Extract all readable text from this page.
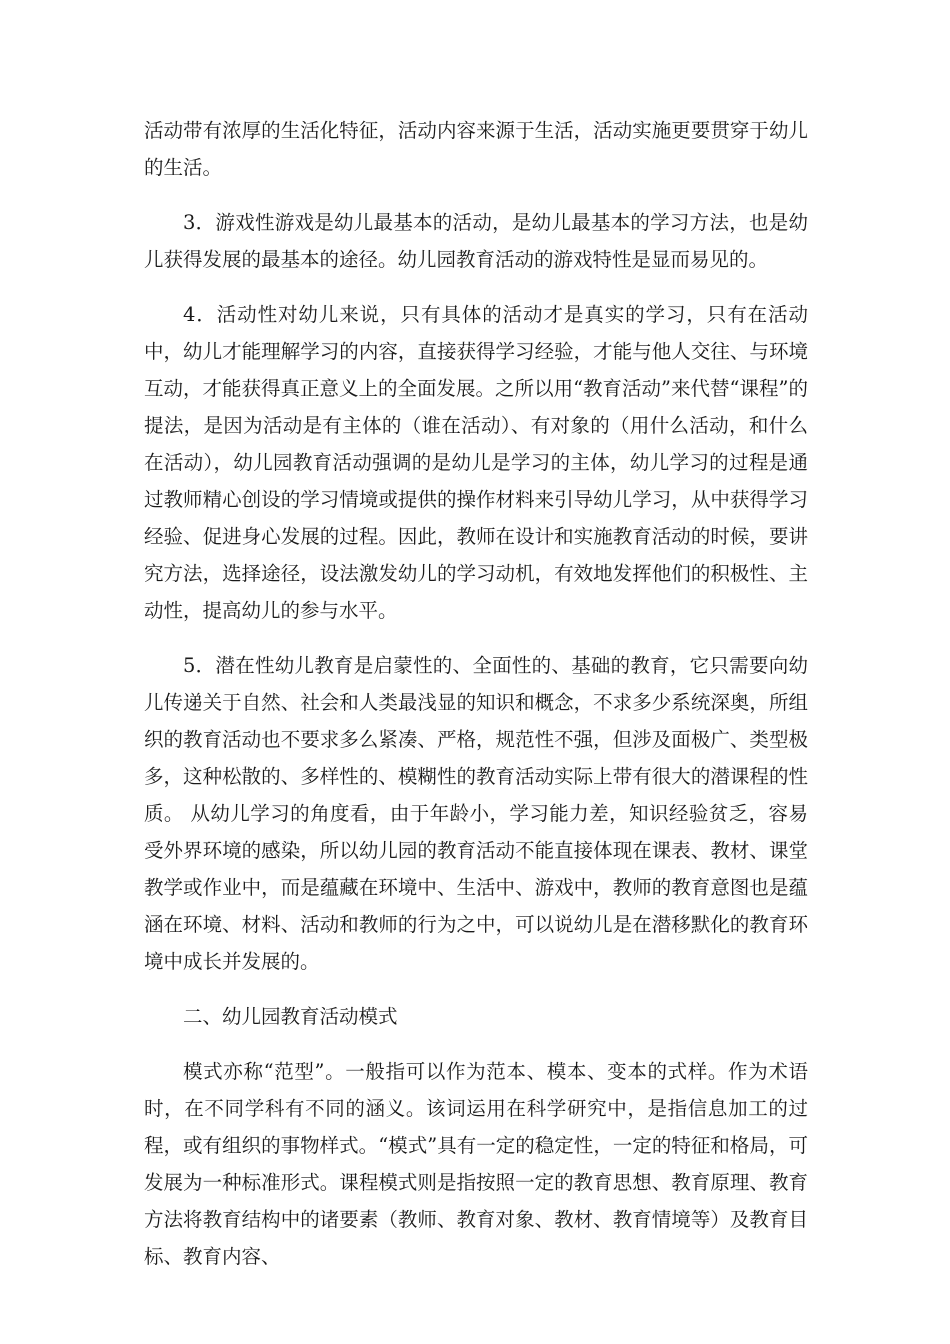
活动带有浓厚的生活化特征，活动内容来源于生活，活动实施更要贯穿于幼儿的生活。

3．游戏性游戏是幼儿最基本的活动，是幼儿最基本的学习方法，也是幼儿获得发展的最基本的途径。幼儿园教育活动的游戏特性是显而易见的。

4．活动性对幼儿来说，只有具体的活动才是真实的学习，只有在活动中，幼儿才能理解学习的内容，直接获得学习经验，才能与他人交往、与环境互动，才能获得真正意义上的全面发展。之所以用“教育活动”来代替“课程”的提法，是因为活动是有主体的（谁在活动）、有对象的（用什么活动，和什么在活动），幼儿园教育活动强调的是幼儿是学习的主体，幼儿学习的过程是通过教师精心创设的学习情境或提供的操作材料来引导幼儿学习，从中获得学习经验、促进身心发展的过程。因此，教师在设计和实施教育活动的时候，要讲究方法，选择途径，设法激发幼儿的学习动机，有效地发挥他们的积极性、主动性，提高幼儿的参与水平。

5．潜在性幼儿教育是启蒙性的、全面性的、基础的教育，它只需要向幼儿传递关于自然、社会和人类最浅显的知识和概念，不求多少系统深奥，所组织的教育活动也不要求多么紧凑、严格，规范性不强，但涉及面极广、类型极多，这种松散的、多样性的、模糊性的教育活动实际上带有很大的潜课程的性质。 从幼儿学习的角度看，由于年龄小，学习能力差，知识经验贫乏，容易受外界环境的感染，所以幼儿园的教育活动不能直接体现在课表、教材、课堂教学或作业中，而是蕴藏在环境中、生活中、游戏中，教师的教育意图也是蕴涵在环境、材料、活动和教师的行为之中，可以说幼儿是在潜移默化的教育环境中成长并发展的。

二、幼儿园教育活动模式

模式亦称“范型”。一般指可以作为范本、模本、变本的式样。作为术语时，在不同学科有不同的涵义。该词运用在科学研究中，是指信息加工的过程，或有组织的事物样式。“模式”具有一定的稳定性，一定的特征和格局，可发展为一种标准形式。课程模式则是指按照一定的教育思想、教育原理、教育方法将教育结构中的诸要素（教师、教育对象、教材、教育情境等）及教育目标、教育内容、
